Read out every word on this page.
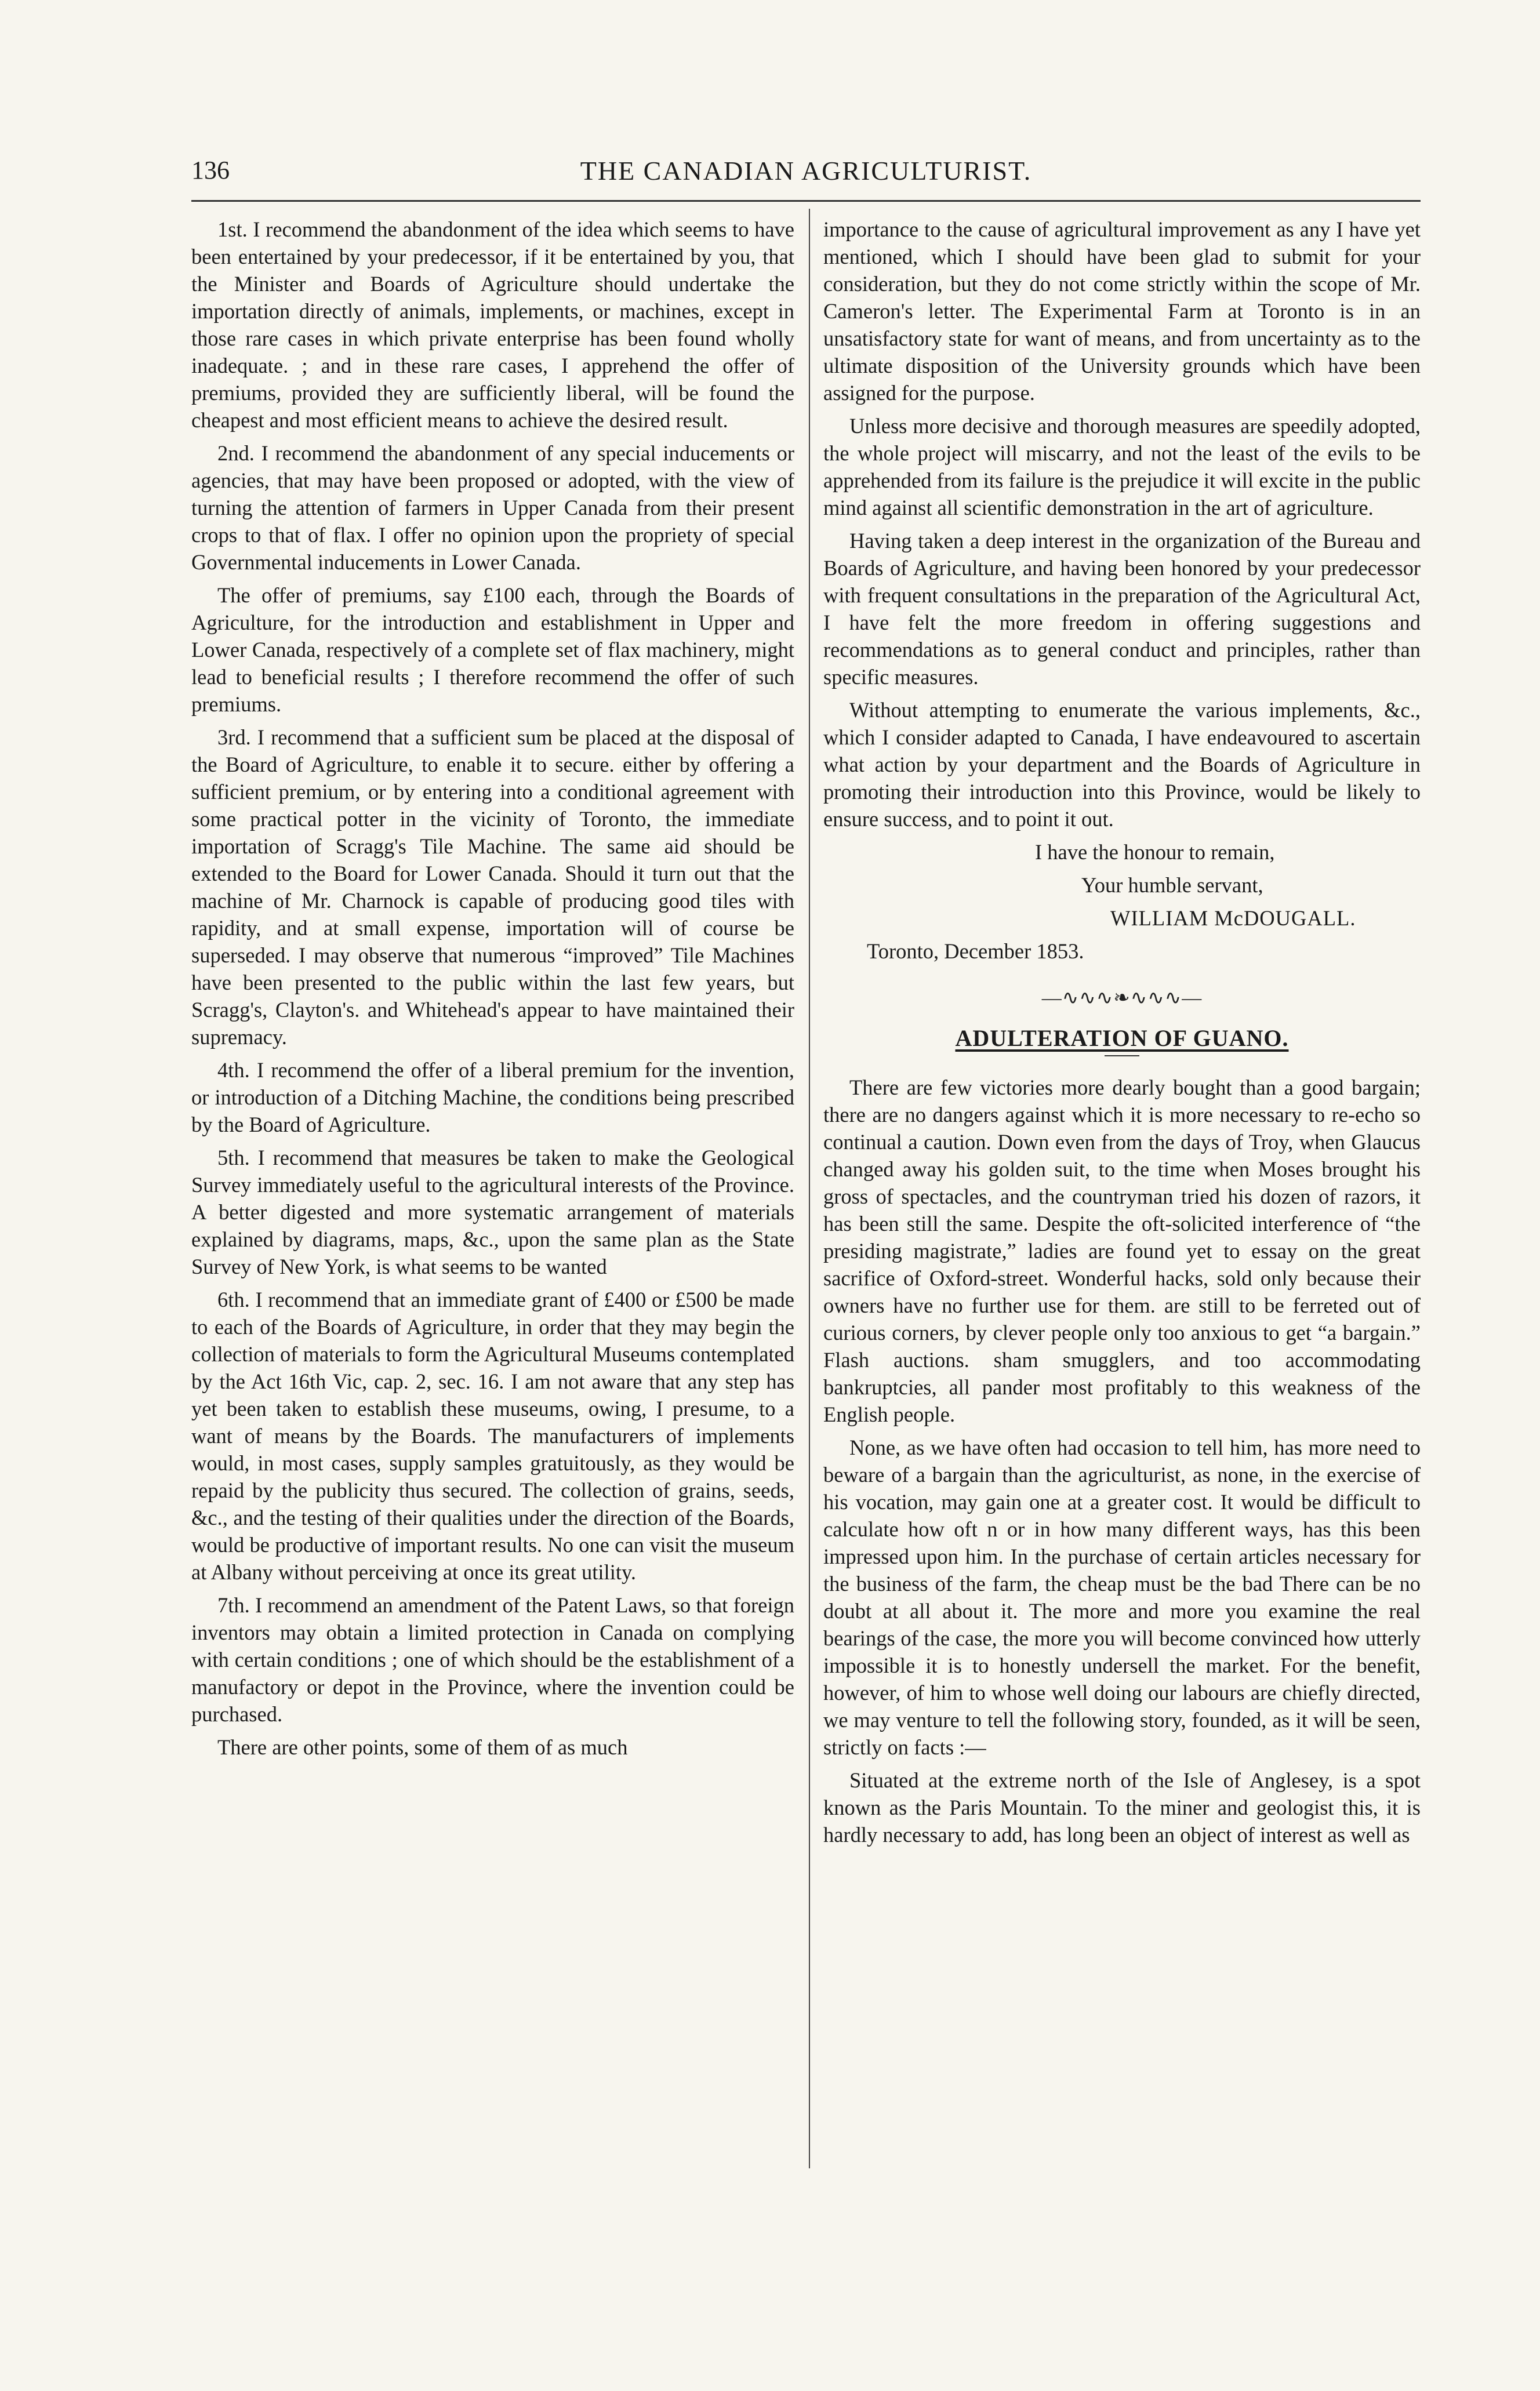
136	THE CANADIAN AGRICULTURIST.

1st. I recommend the abandonment of the idea which seems to have been entertained by your predecessor, if it be entertained by you, that the Minister and Boards of Agriculture should undertake the importation directly of animals, implements, or machines, except in those rare cases in which private enterprise has been found wholly inadequate. ; and in these rare cases, I apprehend the offer of premiums, provided they are sufficiently liberal, will be found the cheapest and most efficient means to achieve the desired result.

2nd. I recommend the abandonment of any special inducements or agencies, that may have been proposed or adopted, with the view of turning the attention of farmers in Upper Canada from their present crops to that of flax. I offer no opinion upon the propriety of special Governmental inducements in Lower Canada.

The offer of premiums, say £100 each, through the Boards of Agriculture, for the introduction and establishment in Upper and Lower Canada, respectively of a complete set of flax machinery, might lead to beneficial results ; I therefore recommend the offer of such premiums.

3rd. I recommend that a sufficient sum be placed at the disposal of the Board of Agriculture, to enable it to secure. either by offering a sufficient premium, or by entering into a conditional agreement with some practical potter in the vicinity of Toronto, the immediate importation of Scragg's Tile Machine. The same aid should be extended to the Board for Lower Canada. Should it turn out that the machine of Mr. Charnock is capable of producing good tiles with rapidity, and at small expense, importation will of course be superseded. I may observe that numerous “improved” Tile Machines have been presented to the public within the last few years, but Scragg's, Clayton's. and Whitehead's appear to have maintained their supremacy.

4th. I recommend the offer of a liberal premium for the invention, or introduction of a Ditching Machine, the conditions being prescribed by the Board of Agriculture.

5th. I recommend that measures be taken to make the Geological Survey immediately useful to the agricultural interests of the Province. A better digested and more systematic arrangement of materials explained by diagrams, maps, &c., upon the same plan as the State Survey of New York, is what seems to be wanted

6th. I recommend that an immediate grant of £400 or £500 be made to each of the Boards of Agriculture, in order that they may begin the collection of materials to form the Agricultural Museums contemplated by the Act 16th Vic, cap. 2, sec. 16. I am not aware that any step has yet been taken to establish these museums, owing, I presume, to a want of means by the Boards. The manufacturers of implements would, in most cases, supply samples gratuitously, as they would be repaid by the publicity thus secured. The collection of grains, seeds, &c., and the testing of their qualities under the direction of the Boards, would be productive of important results. No one can visit the museum at Albany without perceiving at once its great utility.

7th. I recommend an amendment of the Patent Laws, so that foreign inventors may obtain a limited protection in Canada on complying with certain conditions ; one of which should be the establishment of a manufactory or depot in the Province, where the invention could be purchased.

There are other points, some of them of as much

importance to the cause of agricultural improvement as any I have yet mentioned, which I should have been glad to submit for your consideration, but they do not come strictly within the scope of Mr. Cameron's letter. The Experimental Farm at Toronto is in an unsatisfactory state for want of means, and from uncertainty as to the ultimate disposition of the University grounds which have been assigned for the purpose.

Unless more decisive and thorough measures are speedily adopted, the whole project will miscarry, and not the least of the evils to be apprehended from its failure is the prejudice it will excite in the public mind against all scientific demonstration in the art of agriculture.

Having taken a deep interest in the organization of the Bureau and Boards of Agriculture, and having been honored by your predecessor with frequent consultations in the preparation of the Agricultural Act, I have felt the more freedom in offering suggestions and recommendations as to general conduct and principles, rather than specific measures.

Without attempting to enumerate the various implements, &c., which I consider adapted to Canada, I have endeavoured to ascertain what action by your department and the Boards of Agriculture in promoting their introduction into this Province, would be likely to ensure success, and to point it out.

I have the honour to remain,

Your humble servant,

WILLIAM McDOUGALL.

Toronto, December 1853.

—∿∿∿❧∿∿∿—
ADULTERATION OF GUANO.

There are few victories more dearly bought than a good bargain; there are no dangers against which it is more necessary to re-echo so continual a caution. Down even from the days of Troy, when Glaucus changed away his golden suit, to the time when Moses brought his gross of spectacles, and the countryman tried his dozen of razors, it has been still the same. Despite the oft-solicited interference of “the presiding magistrate,” ladies are found yet to essay on the great sacrifice of Oxford-street. Wonderful hacks, sold only because their owners have no further use for them. are still to be ferreted out of curious corners, by clever people only too anxious to get “a bargain.” Flash auctions. sham smugglers, and too accommodating bankruptcies, all pander most profitably to this weakness of the English people.

None, as we have often had occasion to tell him, has more need to beware of a bargain than the agriculturist, as none, in the exercise of his vocation, may gain one at a greater cost. It would be difficult to calculate how oft n or in how many different ways, has this been impressed upon him. In the purchase of certain articles necessary for the business of the farm, the cheap must be the bad There can be no doubt at all about it. The more and more you examine the real bearings of the case, the more you will become convinced how utterly impossible it is to honestly undersell the market. For the benefit, however, of him to whose well doing our labours are chiefly directed, we may venture to tell the following story, founded, as it will be seen, strictly on facts :—

Situated at the extreme north of the Isle of Anglesey, is a spot known as the Paris Mountain. To the miner and geologist this, it is hardly necessary to add, has long been an object of interest as well as
